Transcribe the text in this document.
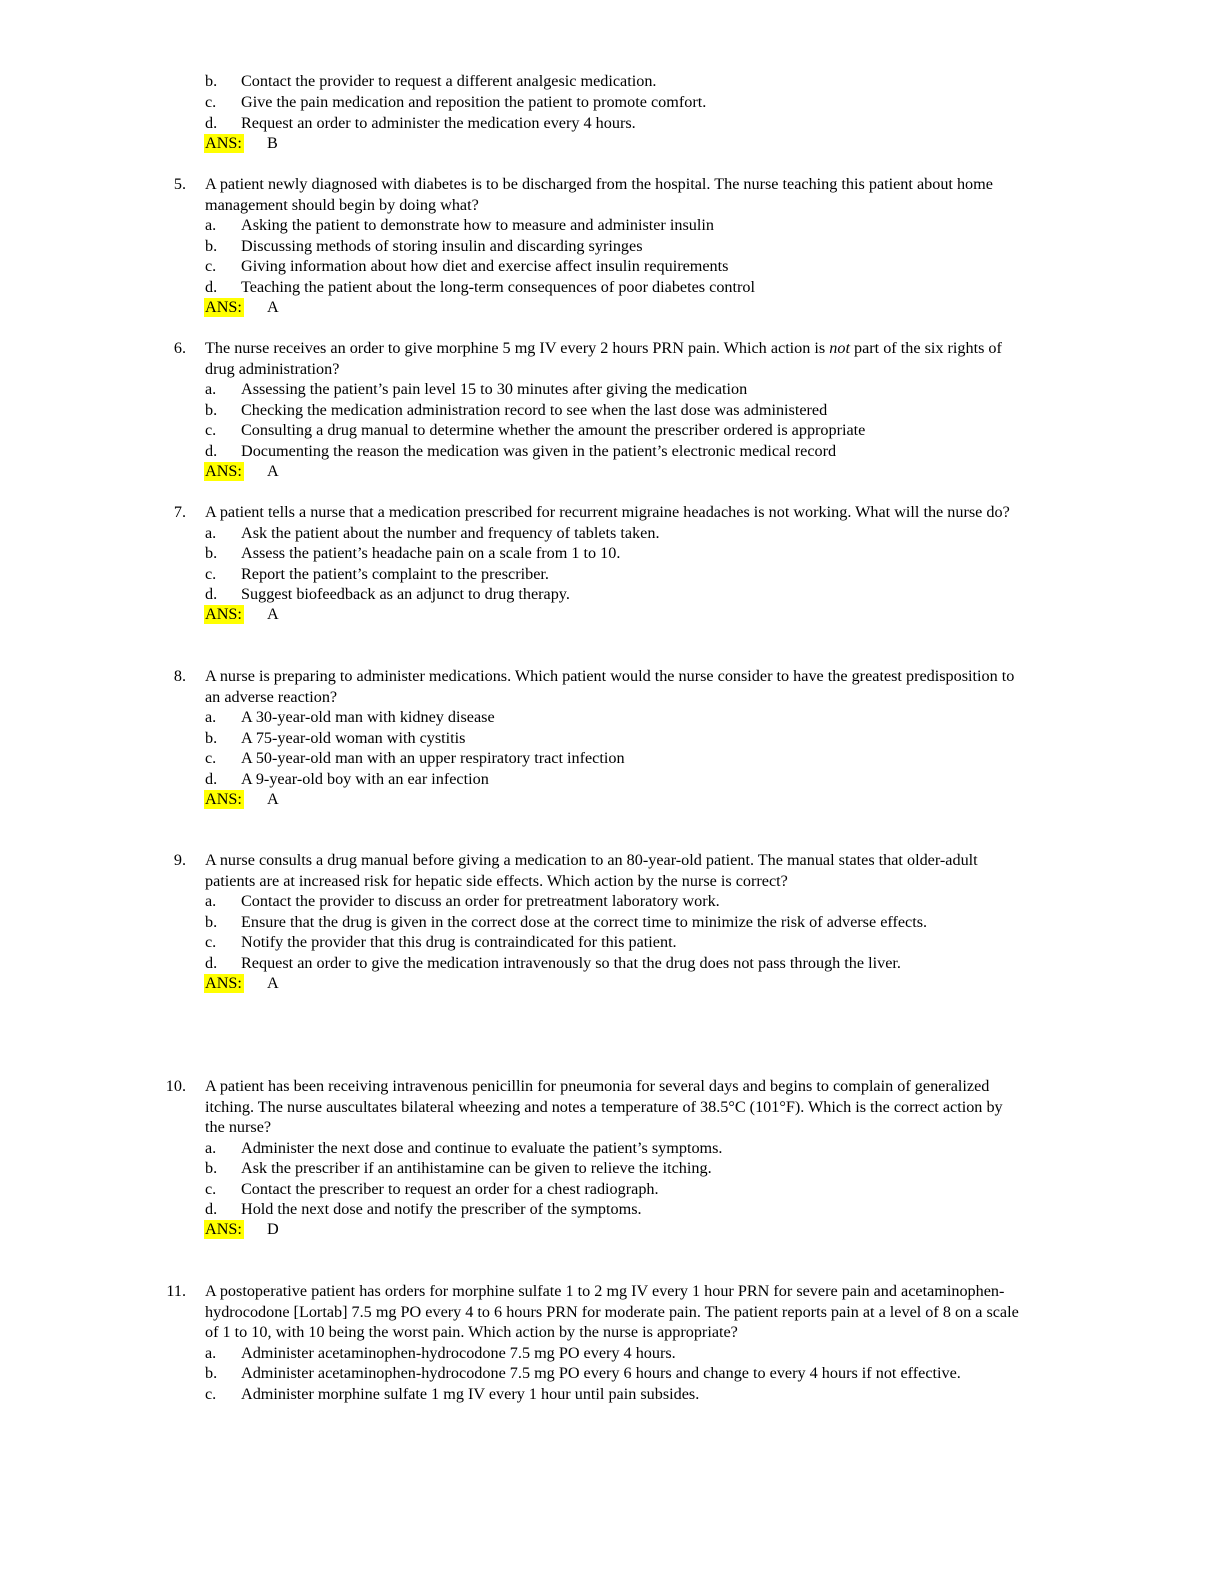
b. Contact the provider to request a different analgesic medication.
c. Give the pain medication and reposition the patient to promote comfort.
d. Request an order to administer the medication every 4 hours.
ANS: B
5. A patient newly diagnosed with diabetes is to be discharged from the hospital. The nurse teaching this patient about home
management should begin by doing what?
a. Asking the patient to demonstrate how to measure and administer insulin
b. Discussing methods of storing insulin and discarding syringes
c. Giving information about how diet and exercise affect insulin requirements
d. Teaching the patient about the long-term consequences of poor diabetes control
ANS: A
6. The nurse receives an order to give morphine 5 mg IV every 2 hours PRN pain. Which action is not part of the six rights of
drug administration?
a. Assessing the patient’s pain level 15 to 30 minutes after giving the medication
b. Checking the medication administration record to see when the last dose was administered
c. Consulting a drug manual to determine whether the amount the prescriber ordered is appropriate
d. Documenting the reason the medication was given in the patient’s electronic medical record
ANS: A
7. A patient tells a nurse that a medication prescribed for recurrent migraine headaches is not working. What will the nurse do?
a. Ask the patient about the number and frequency of tablets taken.
b. Assess the patient’s headache pain on a scale from 1 to 10.
c. Report the patient’s complaint to the prescriber.
d. Suggest biofeedback as an adjunct to drug therapy.
ANS: A
8. A nurse is preparing to administer medications. Which patient would the nurse consider to have the greatest predisposition to
an adverse reaction?
a. A 30-year-old man with kidney disease
b. A 75-year-old woman with cystitis
c. A 50-year-old man with an upper respiratory tract infection
d. A 9-year-old boy with an ear infection
ANS: A
9. A nurse consults a drug manual before giving a medication to an 80-year-old patient. The manual states that older-adult
patients are at increased risk for hepatic side effects. Which action by the nurse is correct?
a. Contact the provider to discuss an order for pretreatment laboratory work.
b. Ensure that the drug is given in the correct dose at the correct time to minimize the risk of adverse effects.
c. Notify the provider that this drug is contraindicated for this patient.
d. Request an order to give the medication intravenously so that the drug does not pass through the liver.
ANS: A
10. A patient has been receiving intravenous penicillin for pneumonia for several days and begins to complain of generalized
itching. The nurse auscultates bilateral wheezing and notes a temperature of 38.5°C (101°F). Which is the correct action by
the nurse?
a. Administer the next dose and continue to evaluate the patient’s symptoms.
b. Ask the prescriber if an antihistamine can be given to relieve the itching.
c. Contact the prescriber to request an order for a chest radiograph.
d. Hold the next dose and notify the prescriber of the symptoms.
ANS: D
11. A postoperative patient has orders for morphine sulfate 1 to 2 mg IV every 1 hour PRN for severe pain and acetaminophen-
hydrocodone [Lortab] 7.5 mg PO every 4 to 6 hours PRN for moderate pain. The patient reports pain at a level of 8 on a scale
of 1 to 10, with 10 being the worst pain. Which action by the nurse is appropriate?
a. Administer acetaminophen-hydrocodone 7.5 mg PO every 4 hours.
b. Administer acetaminophen-hydrocodone 7.5 mg PO every 6 hours and change to every 4 hours if not effective.
c. Administer morphine sulfate 1 mg IV every 1 hour until pain subsides.
